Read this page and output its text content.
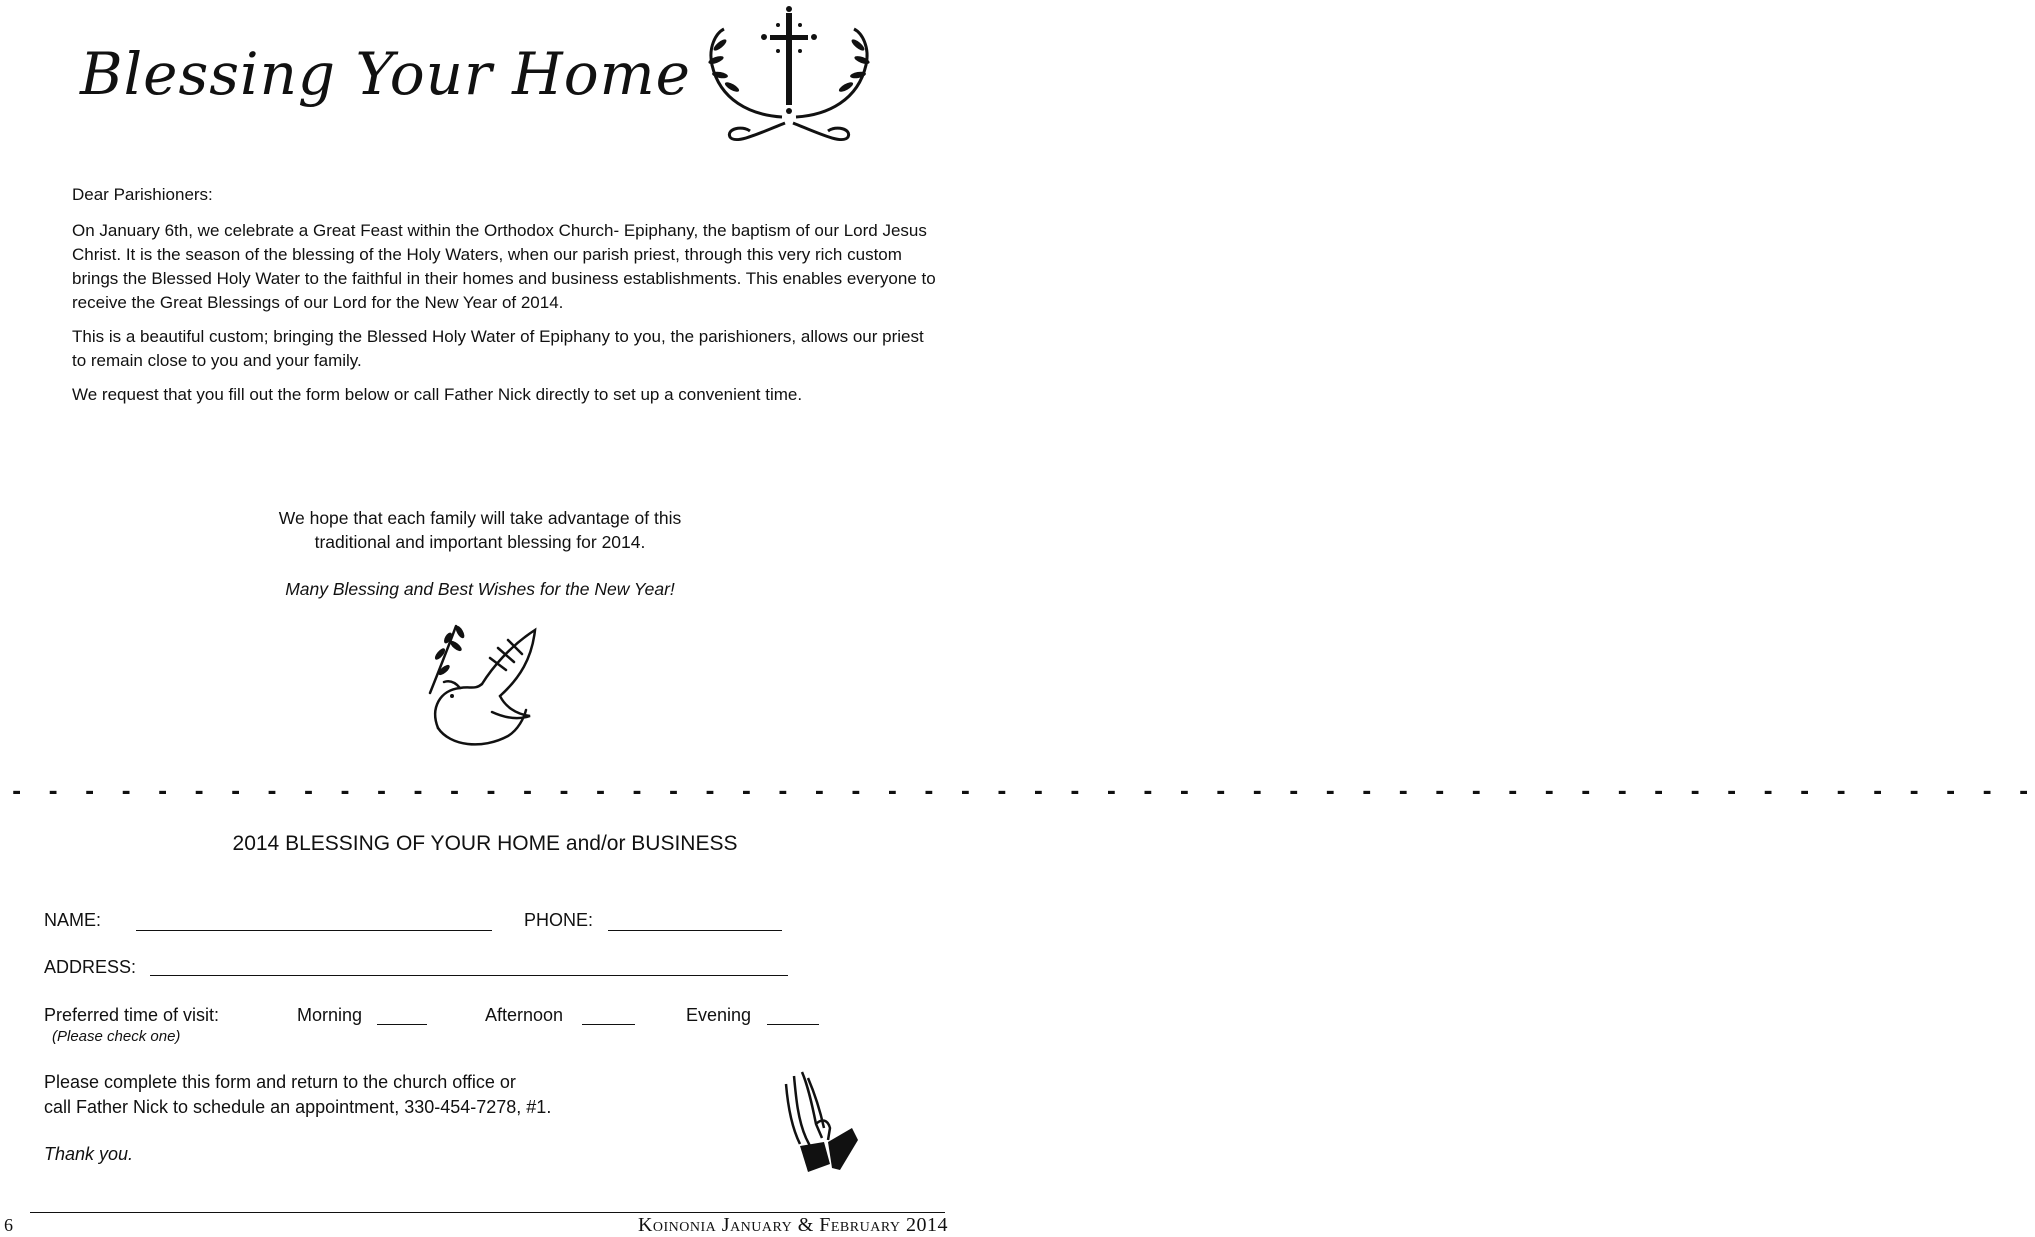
Blessing Your Home

Dear Parishioners:

On January 6th, we celebrate a Great Feast within the Orthodox Church- Epiphany, the baptism of our Lord Jesus Christ. It is the season of the blessing of the Holy Waters, when our parish priest, through this very rich custom brings the Blessed Holy Water to the faithful in their homes and business establishments. This enables everyone to receive the Great Blessings of our Lord for the New Year of 2014.

This is a beautiful custom; bringing the Blessed Holy Water of Epiphany to you, the parishioners, allows our priest to remain close to you and your family.

We request that you fill out the form below or call Father Nick directly to set up a convenient time.

We hope that each family will take advantage of this
traditional and important blessing for 2014.
Many Blessing and Best Wishes for the New Year!
- - - - - - - - - - - - - - - - - - - - - - - - - - - - - - - - - - - - - - - - - - - - - - - - - - - - - - - -
2014 BLESSING OF YOUR HOME and/or BUSINESS
NAME:	PHONE:
ADDRESS:
Preferred time of visit:
(Please check one)
Morning	Afternoon	Evening
Please complete this form and return to the church office or
call Father Nick to schedule an appointment, 330-454-7278, #1.
Thank you.
6	Koinonia January & February 2014
